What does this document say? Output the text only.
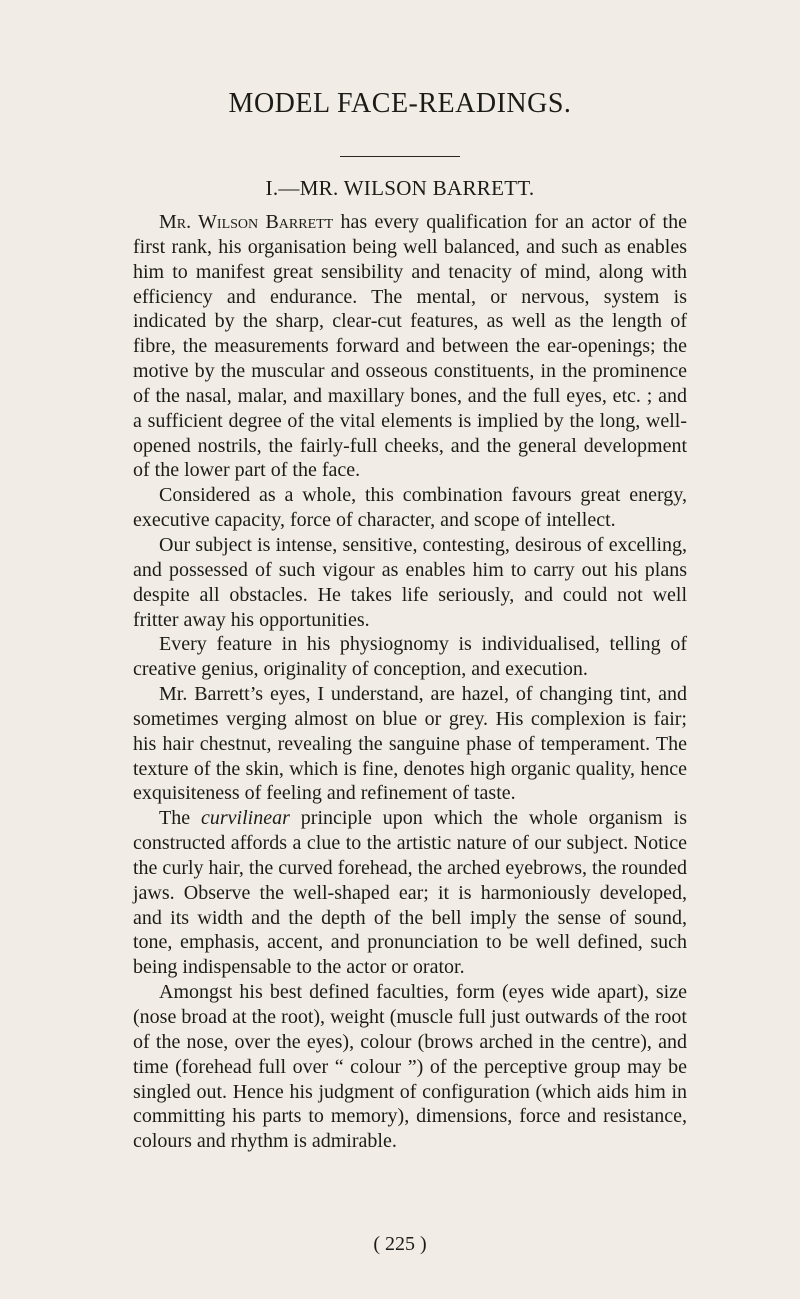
MODEL FACE-READINGS.
I.—MR. WILSON BARRETT.

Mr. Wilson Barrett has every qualification for an actor of the first rank, his organisation being well balanced, and such as enables him to manifest great sensibility and tenacity of mind, along with efficiency and endurance. The mental, or nervous, system is indicated by the sharp, clear-cut features, as well as the length of fibre, the measurements forward and between the ear-openings; the motive by the muscular and osseous constituents, in the prominence of the nasal, malar, and maxillary bones, and the full eyes, etc. ; and a sufficient degree of the vital elements is implied by the long, well-opened nostrils, the fairly-full cheeks, and the general development of the lower part of the face.

Considered as a whole, this combination favours great energy, executive capacity, force of character, and scope of intellect.

Our subject is intense, sensitive, contesting, desirous of excelling, and possessed of such vigour as enables him to carry out his plans despite all obstacles. He takes life seriously, and could not well fritter away his opportunities.

Every feature in his physiognomy is individualised, telling of creative genius, originality of conception, and execution.

Mr. Barrett’s eyes, I understand, are hazel, of changing tint, and sometimes verging almost on blue or grey. His complexion is fair; his hair chestnut, revealing the sanguine phase of temperament. The texture of the skin, which is fine, denotes high organic quality, hence exquisiteness of feeling and refinement of taste.

The curvilinear principle upon which the whole organism is constructed affords a clue to the artistic nature of our subject. Notice the curly hair, the curved forehead, the arched eyebrows, the rounded jaws. Observe the well-shaped ear; it is harmoniously developed, and its width and the depth of the bell imply the sense of sound, tone, emphasis, accent, and pronunciation to be well defined, such being indispensable to the actor or orator.

Amongst his best defined faculties, form (eyes wide apart), size (nose broad at the root), weight (muscle full just outwards of the root of the nose, over the eyes), colour (brows arched in the centre), and time (forehead full over “ colour ”) of the perceptive group may be singled out. Hence his judgment of configuration (which aids him in committing his parts to memory), dimensions, force and resistance, colours and rhythm is admirable.

( 225 )
